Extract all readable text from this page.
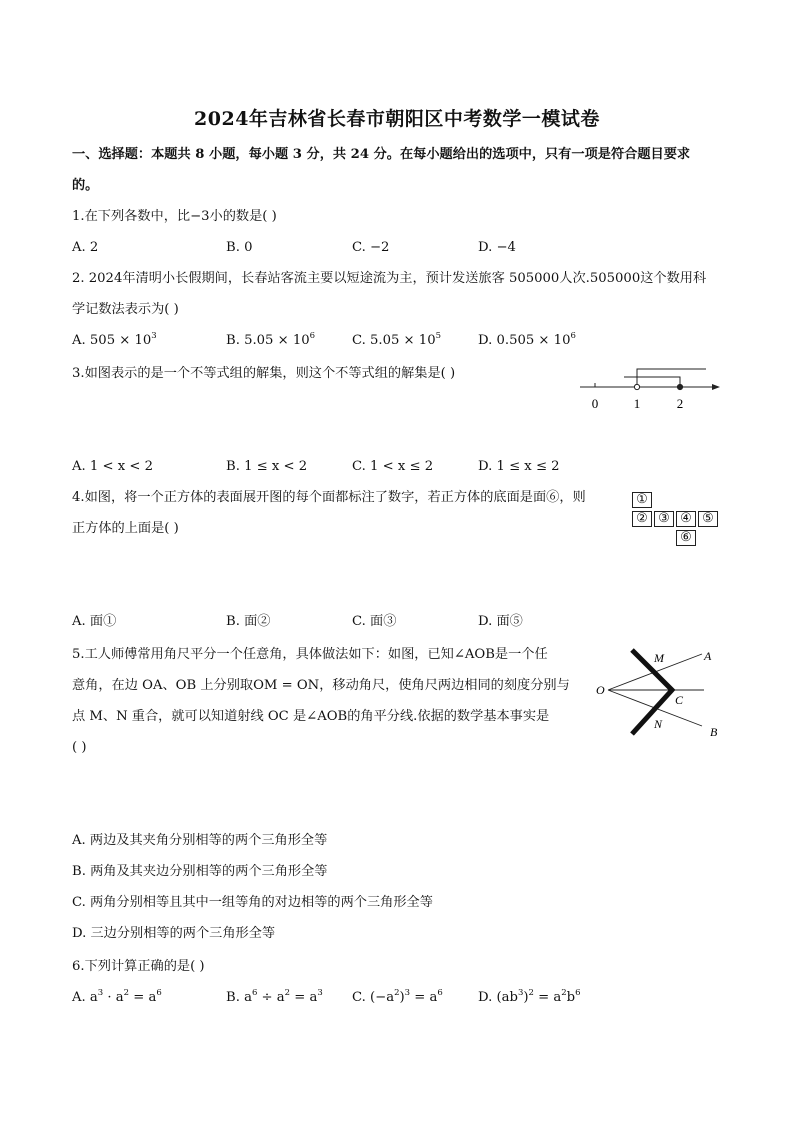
2024年吉林省长春市朝阳区中考数学一模试卷
一、选择题：本题共 8 小题，每小题 3 分，共 24 分。在每小题给出的选项中，只有一项是符合题目要求
的。
1.在下列各数中，比−3小的数是( )
A. 2	B. 0	C. −2	D. −4
2. 2024年清明小长假期间，长春站客流主要以短途流为主，预计发送旅客 505000人次.505000这个数用科
学记数法表示为( )
A. $505 \times 10^3$	B. $5.05 \times 10^6$	C. $5.05 \times 10^5$	D. $0.505 \times 10^6$
3.如图表示的是一个不等式组的解集，则这个不等式组的解集是( )
0	1	2
A. 1 < x < 2	B. 1 ≤ x < 2	C. 1 < x ≤ 2	D. 1 ≤ x ≤ 2
4.如图，将一个正方体的表面展开图的每个面都标注了数字，若正方体的底面是面⑥，则
正方体的上面是( )
①
② ③ ④ ⑤
⑥
A. 面①	B. 面②	C. 面③	D. 面⑤
5.工人师傅常用角尺平分一个任意角，具体做法如下：如图，已知∠AOB是一个任
意角，在边 OA、OB 上分别取OM = ON，移动角尺，使角尺两边相同的刻度分别与
点 M、N 重合，就可以知道射线 OC 是∠AOB的角平分线.依据的数学基本事实是
( )
M	A
O
C
N
B
A. 两边及其夹角分别相等的两个三角形全等
B. 两角及其夹边分别相等的两个三角形全等
C. 两角分别相等且其中一组等角的对边相等的两个三角形全等
D. 三边分别相等的两个三角形全等
6.下列计算正确的是( )
A. $a^3 \cdot a^2 = a^6$	B. $a^6 \div a^2 = a^3$ C. $(-a^2)^3 = a^6$	D. $(ab^3)^2 = a^2b^6$
